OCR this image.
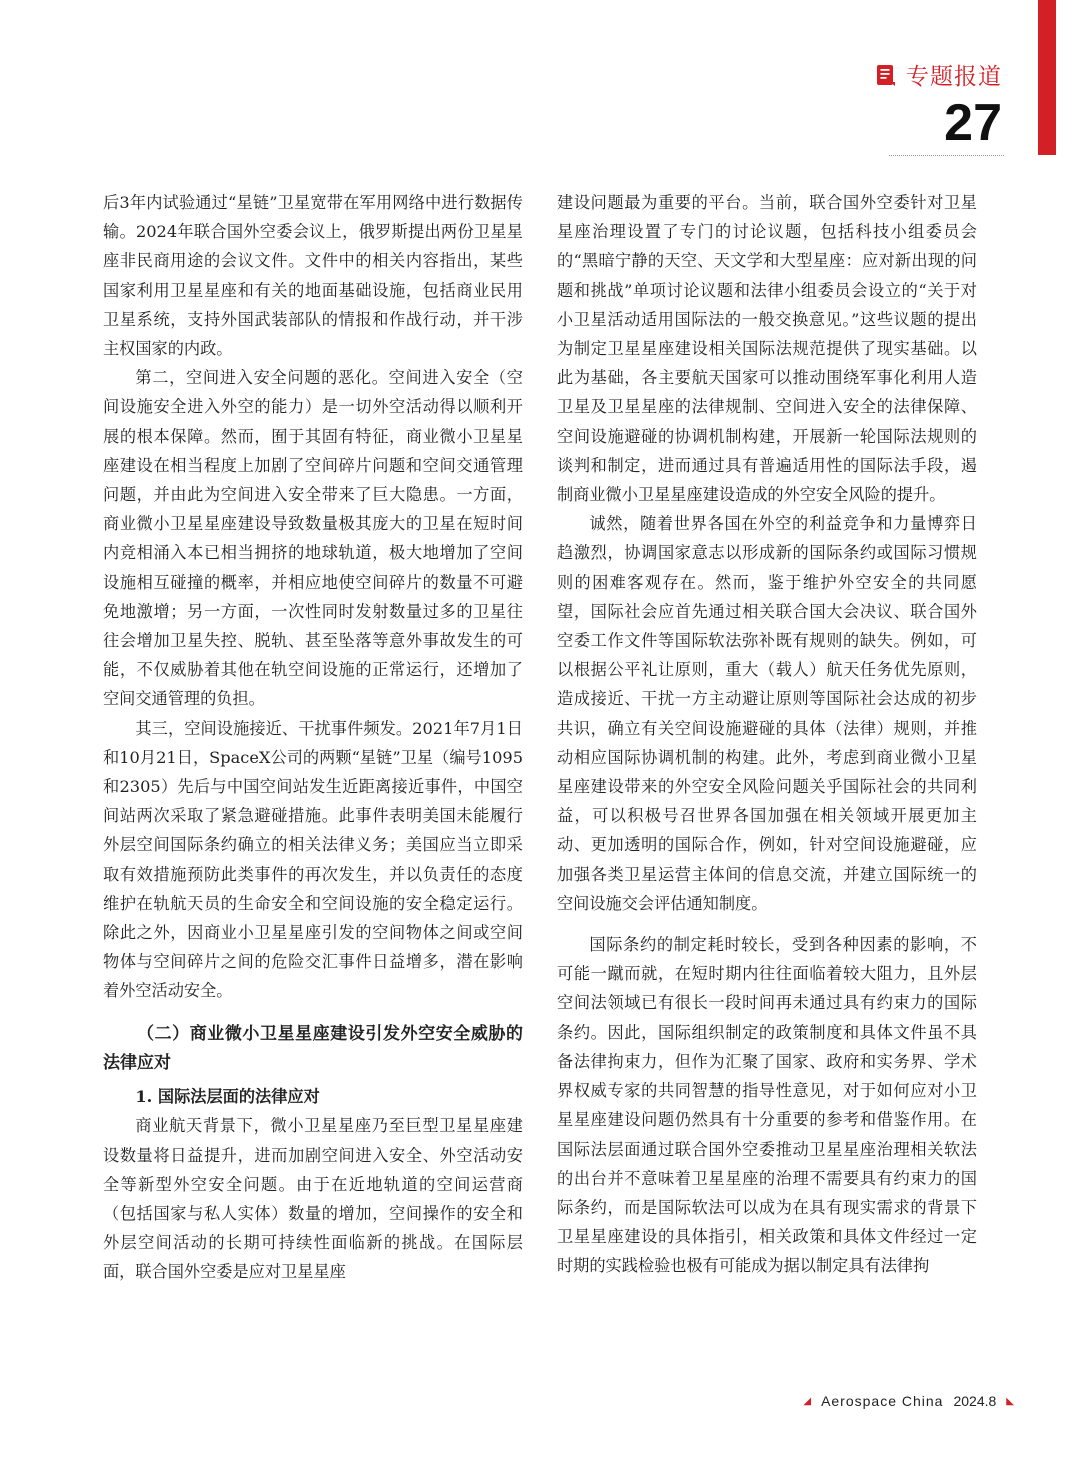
专题报道
27

后3年内试验通过“星链”卫星宽带在军用网络中进行数据传输。2024年联合国外空委会议上，俄罗斯提出两份卫星星座非民商用途的会议文件。文件中的相关内容指出，某些国家利用卫星星座和有关的地面基础设施，包括商业民用卫星系统，支持外国武装部队的情报和作战行动，并干涉主权国家的内政。

第二，空间进入安全问题的恶化。空间进入安全（空间设施安全进入外空的能力）是一切外空活动得以顺利开展的根本保障。然而，囿于其固有特征，商业微小卫星星座建设在相当程度上加剧了空间碎片问题和空间交通管理问题，并由此为空间进入安全带来了巨大隐患。一方面，商业微小卫星星座建设导致数量极其庞大的卫星在短时间内竞相涌入本已相当拥挤的地球轨道，极大地增加了空间设施相互碰撞的概率，并相应地使空间碎片的数量不可避免地激增；另一方面，一次性同时发射数量过多的卫星往往会增加卫星失控、脱轨、甚至坠落等意外事故发生的可能，不仅威胁着其他在轨空间设施的正常运行，还增加了空间交通管理的负担。

其三，空间设施接近、干扰事件频发。2021年7月1日和10月21日，SpaceX公司的两颗“星链”卫星（编号1095和2305）先后与中国空间站发生近距离接近事件，中国空间站两次采取了紧急避碰措施。此事件表明美国未能履行外层空间国际条约确立的相关法律义务；美国应当立即采取有效措施预防此类事件的再次发生，并以负责任的态度维护在轨航天员的生命安全和空间设施的安全稳定运行。除此之外，因商业小卫星星座引发的空间物体之间或空间物体与空间碎片之间的危险交汇事件日益增多，潜在影响着外空活动安全。

（二）商业微小卫星星座建设引发外空安全威胁的法律应对
1. 国际法层面的法律应对

商业航天背景下，微小卫星星座乃至巨型卫星星座建设数量将日益提升，进而加剧空间进入安全、外空活动安全等新型外空安全问题。由于在近地轨道的空间运营商（包括国家与私人实体）数量的增加，空间操作的安全和外层空间活动的长期可持续性面临新的挑战。在国际层面，联合国外空委是应对卫星星座

建设问题最为重要的平台。当前，联合国外空委针对卫星星座治理设置了专门的讨论议题，包括科技小组委员会的“黑暗宁静的天空、天文学和大型星座：应对新出现的问题和挑战”单项讨论议题和法律小组委员会设立的“关于对小卫星活动适用国际法的一般交换意见。”这些议题的提出为制定卫星星座建设相关国际法规范提供了现实基础。以此为基础，各主要航天国家可以推动围绕军事化利用人造卫星及卫星星座的法律规制、空间进入安全的法律保障、空间设施避碰的协调机制构建，开展新一轮国际法规则的谈判和制定，进而通过具有普遍适用性的国际法手段，遏制商业微小卫星星座建设造成的外空安全风险的提升。

诚然，随着世界各国在外空的利益竞争和力量博弈日趋激烈，协调国家意志以形成新的国际条约或国际习惯规则的困难客观存在。然而，鉴于维护外空安全的共同愿望，国际社会应首先通过相关联合国大会决议、联合国外空委工作文件等国际软法弥补既有规则的缺失。例如，可以根据公平礼让原则，重大（载人）航天任务优先原则，造成接近、干扰一方主动避让原则等国际社会达成的初步共识，确立有关空间设施避碰的具体（法律）规则，并推动相应国际协调机制的构建。此外，考虑到商业微小卫星星座建设带来的外空安全风险问题关乎国际社会的共同利益，可以积极号召世界各国加强在相关领域开展更加主动、更加透明的国际合作，例如，针对空间设施避碰，应加强各类卫星运营主体间的信息交流，并建立国际统一的空间设施交会评估通知制度。

国际条约的制定耗时较长，受到各种因素的影响，不可能一蹴而就，在短时期内往往面临着较大阻力，且外层空间法领域已有很长一段时间再未通过具有约束力的国际条约。因此，国际组织制定的政策制度和具体文件虽不具备法律拘束力，但作为汇聚了国家、政府和实务界、学术界权威专家的共同智慧的指导性意见，对于如何应对小卫星星座建设问题仍然具有十分重要的参考和借鉴作用。在国际法层面通过联合国外空委推动卫星星座治理相关软法的出台并不意味着卫星星座的治理不需要具有约束力的国际条约，而是国际软法可以成为在具有现实需求的背景下卫星星座建设的具体指引，相关政策和具体文件经过一定时期的实践检验也极有可能成为据以制定具有法律拘

◢ Aerospace China 2024.8 ◣
